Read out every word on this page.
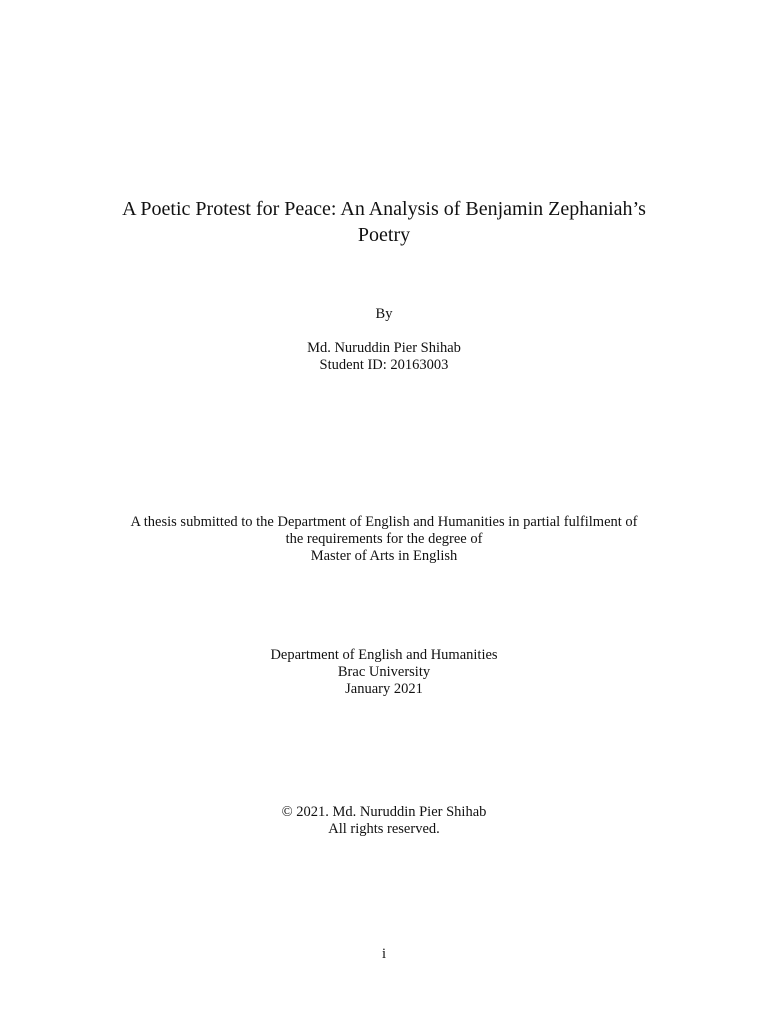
A Poetic Protest for Peace: An Analysis of Benjamin Zephaniah’s
Poetry
By
Md. Nuruddin Pier Shihab
Student ID: 20163003
A thesis submitted to the Department of English and Humanities in partial fulfilment of
the requirements for the degree of
Master of Arts in English
Department of English and Humanities
Brac University
January 2021
© 2021. Md. Nuruddin Pier Shihab
All rights reserved.
i
